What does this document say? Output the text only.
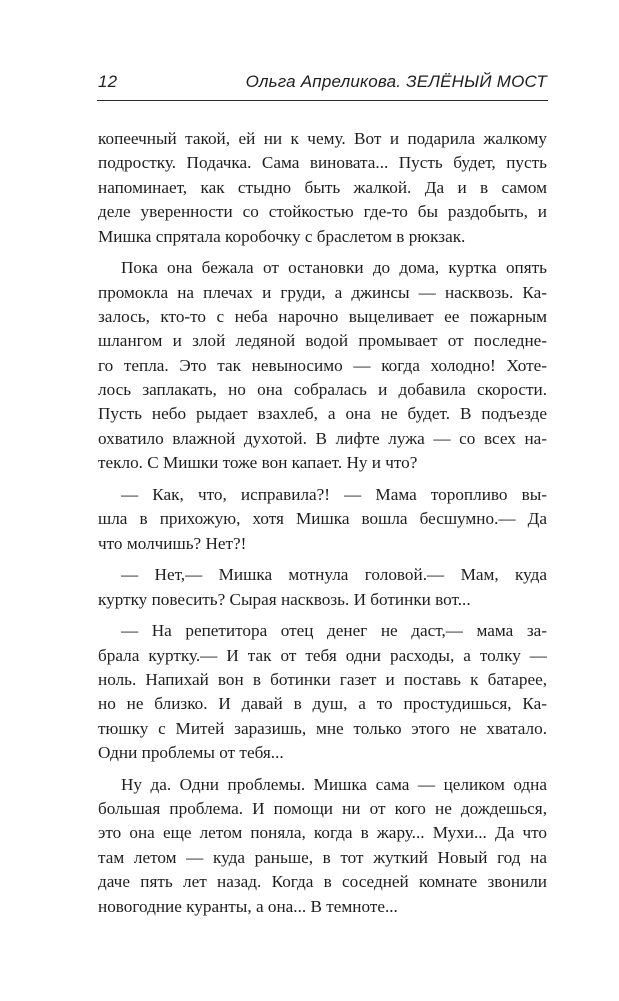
12	Ольга Апреликова. ЗЕЛЁНЫЙ МОСТ
копеечный такой, ей ни к чему. Вот и подарила жалкому
подростку. Подачка. Сама виновата... Пусть будет, пусть
напоминает, как стыдно быть жалкой. Да и в самом
деле уверенности со стойкостью где-то бы раздобыть, и
Мишка спрятала коробочку с браслетом в рюкзак.
Пока она бежала от остановки до дома, куртка опять
промокла на плечах и груди, а джинсы — насквозь. Ка-
залось, кто-то с неба нарочно выцеливает ее пожарным
шлангом и злой ледяной водой промывает от последне-
го тепла. Это так невыносимо — когда холодно! Хоте-
лось заплакать, но она собралась и добавила скорости.
Пусть небо рыдает взахлеб, а она не будет. В подъезде
охватило влажной духотой. В лифте лужа — со всех на-
текло. С Мишки тоже вон капает. Ну и что?
— Как, что, исправила?! — Мама торопливо вы-
шла в прихожую, хотя Мишка вошла бесшумно.— Да
что молчишь? Нет?!
— Нет,— Мишка мотнула головой.— Мам, куда
куртку повесить? Сырая насквозь. И ботинки вот...
— На репетитора отец денег не даст,— мама за-
брала куртку.— И так от тебя одни расходы, а толку —
ноль. Напихай вон в ботинки газет и поставь к батарее,
но не близко. И давай в душ, а то простудишься, Ка-
тюшку с Митей заразишь, мне только этого не хватало.
Одни проблемы от тебя...
Ну да. Одни проблемы. Мишка сама — целиком одна
большая проблема. И помощи ни от кого не дождешься,
это она еще летом поняла, когда в жару... Мухи... Да что
там летом — куда раньше, в тот жуткий Новый год на
даче пять лет назад. Когда в соседней комнате звонили
новогодние куранты, а она... В темноте...
